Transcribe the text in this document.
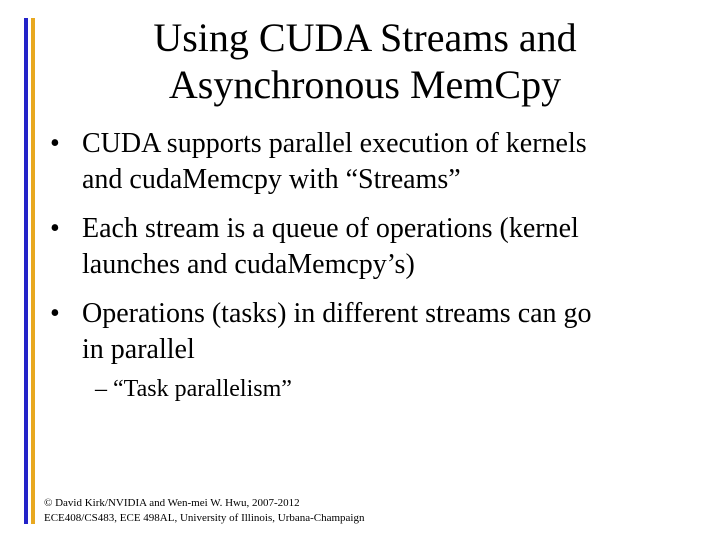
Using CUDA Streams and
Asynchronous MemCpy
• CUDA supports parallel execution of kernels
and cudaMemcpy with “Streams”
• Each stream is a queue of operations (kernel
launches and cudaMemcpy’s)
• Operations (tasks) in different streams can go
in parallel
– “Task parallelism”
© David Kirk/NVIDIA and Wen-mei W. Hwu, 2007-2012
ECE408/CS483, ECE 498AL, University of Illinois, Urbana-Champaign
